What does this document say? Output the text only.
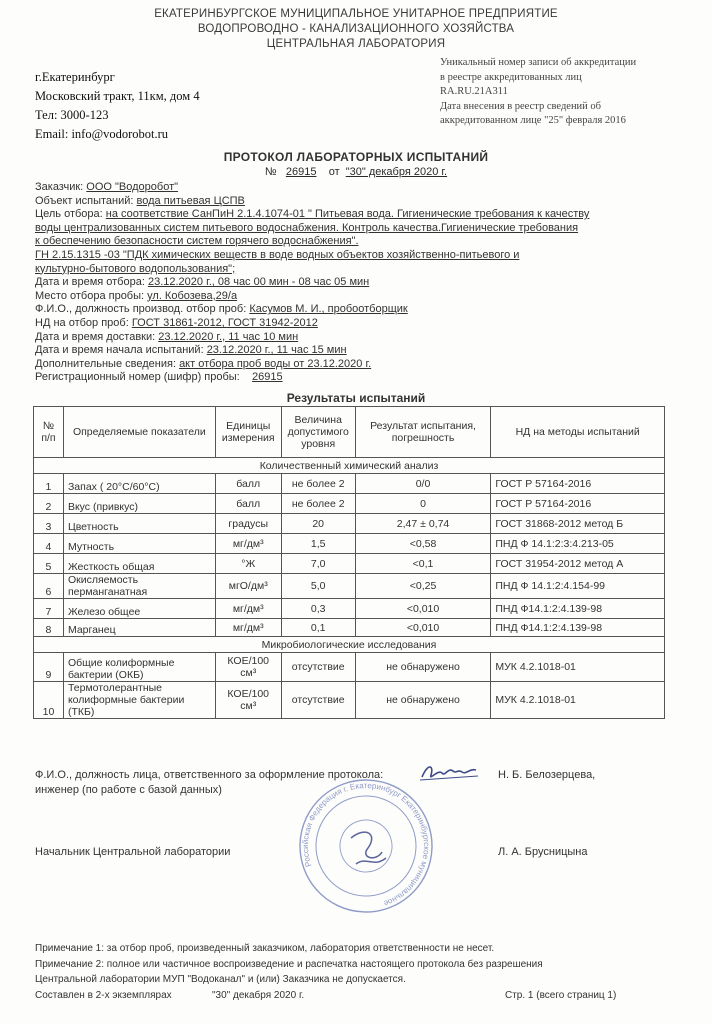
ЕКАТЕРИНБУРГСКОЕ МУНИЦИПАЛЬНОЕ УНИТАРНОЕ ПРЕДПРИЯТИЕ
ВОДОПРОВОДНО - КАНАЛИЗАЦИОННОГО ХОЗЯЙСТВА
ЦЕНТРАЛЬНАЯ ЛАБОРАТОРИЯ
г.Екатеринбург
Московский тракт, 11км, дом 4
Тел: 3000-123
Email: info@vodorobot.ru
Уникальный номер записи об аккредитации
в реестре аккредитованных лиц
RA.RU.21A311
Дата внесения в реестр сведений об
аккредитованном лице "25" февраля 2016
ПРОТОКОЛ ЛАБОРАТОРНЫХ ИСПЫТАНИЙ
№ 26915 от "30" декабря 2020 г.
Заказчик: ООО "Водоробот"
Объект испытаний: вода питьевая ЦСПВ
Цель отбора: на соответствие СанПиН 2.1.4.1074-01 " Питьевая вода. Гигиенические требования к качеству
воды централизованных систем питьевого водоснабжения. Контроль качества.Гигиенические требования
к обеспечению безопасности систем горячего водоснабжения".
ГН 2.15.1315 -03 "ПДК химических веществ в воде водных объектов хозяйственно-питьевого и
культурно-бытового водопользования";
Дата и время отбора: 23.12.2020 г., 08 час 00 мин - 08 час 05 мин
Место отбора пробы: ул. Кобозева,29/а
Ф.И.О., должность производ. отбор проб: Касумов М. И., пробоотборщик
НД на отбор проб: ГОСТ 31861-2012, ГОСТ 31942-2012
Дата и время доставки: 23.12.2020 г., 11 час 10 мин
Дата и время начала испытаний: 23.12.2020 г., 11 час 15 мин
Дополнительные сведения: акт отбора проб воды от 23.12.2020 г.
Регистрационный номер (шифр) пробы: 26915
Результаты испытаний
№ п/п	Определяемые показатели	Единицы измерения	Величина допустимого уровня	Результат испытания, погрешность	НД на методы испытаний
Количественный химический анализ					
1	Запах ( 20°С/60°С)	балл	не более 2	0/0	ГОСТ Р 57164-2016
2	Вкус (привкус)	балл	не более 2	0	ГОСТ Р 57164-2016
3	Цветность	градусы	20	2,47 ± 0,74	ГОСТ 31868-2012 метод Б
4	Мутность	мг/дм³	1,5	<0,58	ПНД Ф 14.1:2:3:4.213-05
5	Жесткость общая	°Ж	7,0	<0,1	ГОСТ 31954-2012 метод А
6	Окисляемость перманганатная	мгО/дм³	5,0	<0,25	ПНД Ф 14.1:2:4.154-99
7	Железо общее	мг/дм³	0,3	<0,010	ПНД Ф14.1:2:4.139-98
8	Марганец	мг/дм³	0,1	<0,010	ПНД Ф14.1:2:4.139-98
Микробиологические исследования					
9	Общие колиформные бактерии (ОКБ)	КОЕ/100 см³	отсутствие	не обнаружено	МУК 4.2.1018-01
10	Термотолерантные колиформные бактерии (ТКБ)	КОЕ/100 см³	отсутствие	не обнаружено	МУК 4.2.1018-01
Ф.И.О., должность лица, ответственного за оформление протокола:
инженер (по работе с базой данных)
Н. Б. Белозерцева,
Начальник Центральной лаборатории	Л. А. Брусницына
Российская Федерация г. Екатеринбург Екатеринбургское муниципальное
Примечание 1: за отбор проб, произведенный заказчиком, лаборатория ответственности не несет.
Примечание 2: полное или частичное воспроизведение и распечатка настоящего протокола без разрешения
Центральной лаборатории МУП "Водоканал" и (или) Заказчика не допускается.
Составлен в 2-х экземплярах	"30" декабря 2020 г.	Стр. 1 (всего страниц 1)
